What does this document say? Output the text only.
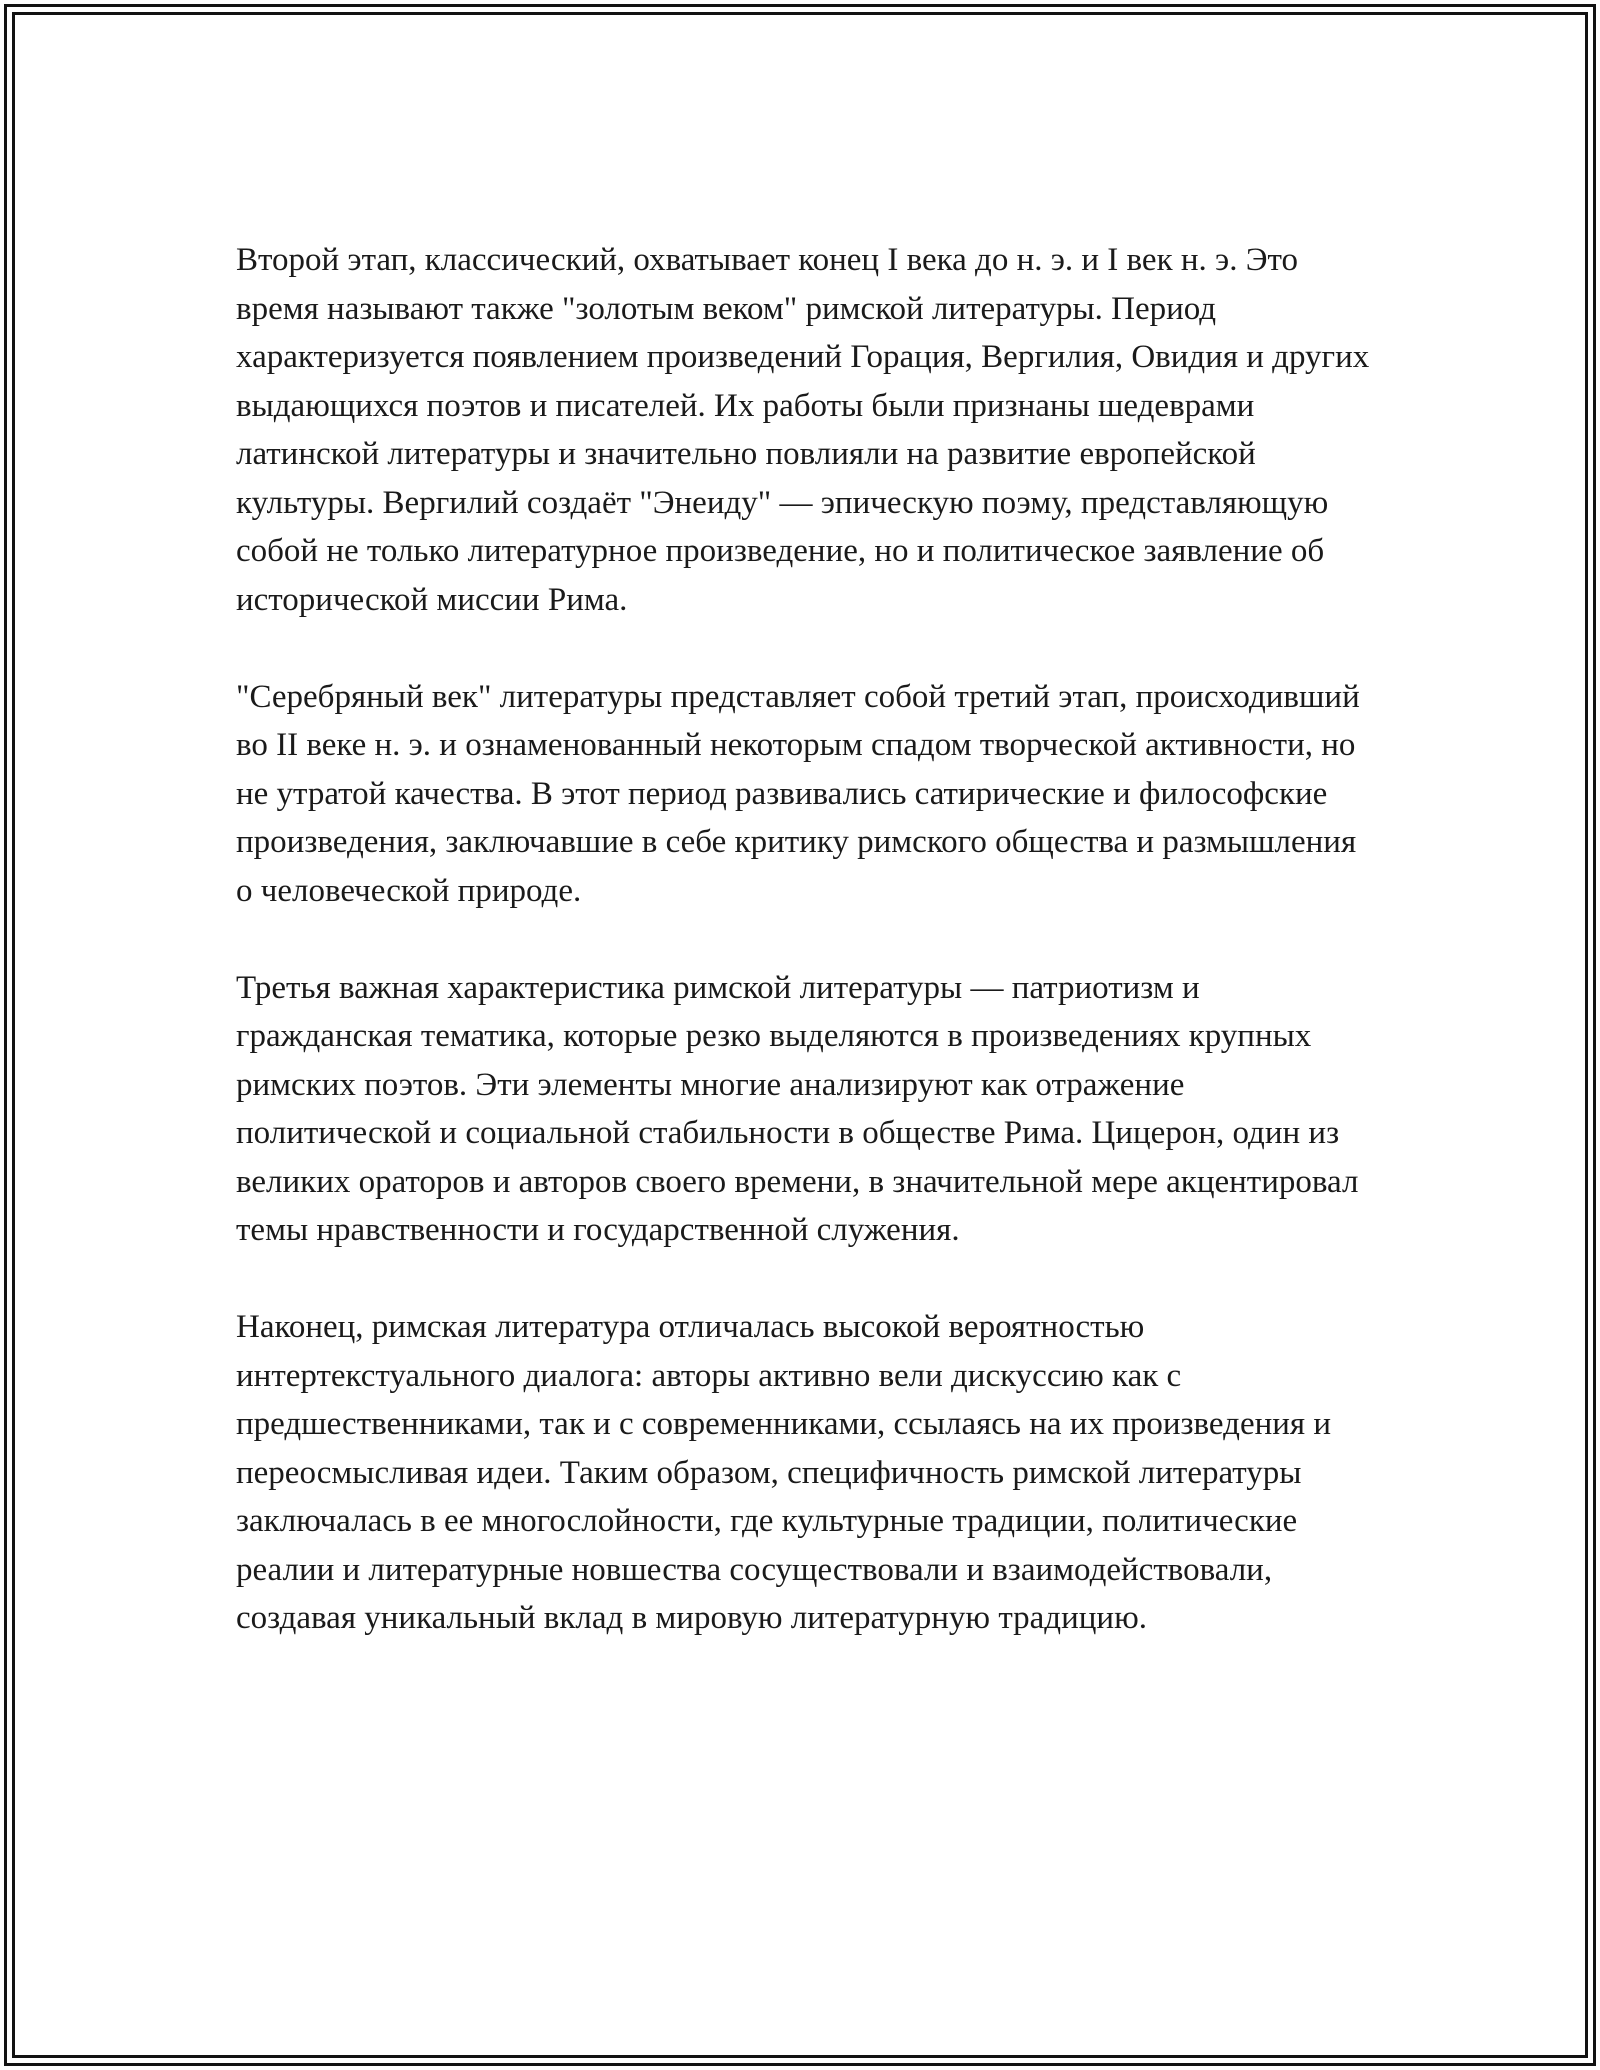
Второй этап, классический, охватывает конец I века до н. э. и I век н. э. Это время называют также "золотым веком" римской литературы. Период характеризуется появлением произведений Горация, Вергилия, Овидия и других выдающихся поэтов и писателей. Их работы были признаны шедеврами латинской литературы и значительно повлияли на развитие европейской культуры. Вергилий создаёт "Энеиду" — эпическую поэму, представляющую собой не только литературное произведение, но и политическое заявление об исторической миссии Рима.

"Серебряный век" литературы представляет собой третий этап, происходивший во II веке н. э. и ознаменованный некоторым спадом творческой активности, но не утратой качества. В этот период развивались сатирические и философские произведения, заключавшие в себе критику римского общества и размышления о человеческой природе.

Третья важная характеристика римской литературы — патриотизм и гражданская тематика, которые резко выделяются в произведениях крупных римских поэтов. Эти элементы многие анализируют как отражение политической и социальной стабильности в обществе Рима. Цицерон, один из великих ораторов и авторов своего времени, в значительной мере акцентировал темы нравственности и государственной служения.

Наконец, римская литература отличалась высокой вероятностью интертекстуального диалога: авторы активно вели дискуссию как с предшественниками, так и с современниками, ссылаясь на их произведения и переосмысливая идеи. Таким образом, специфичность римской литературы заключалась в ее многослойности, где культурные традиции, политические реалии и литературные новшества сосуществовали и взаимодействовали, создавая уникальный вклад в мировую литературную традицию.
